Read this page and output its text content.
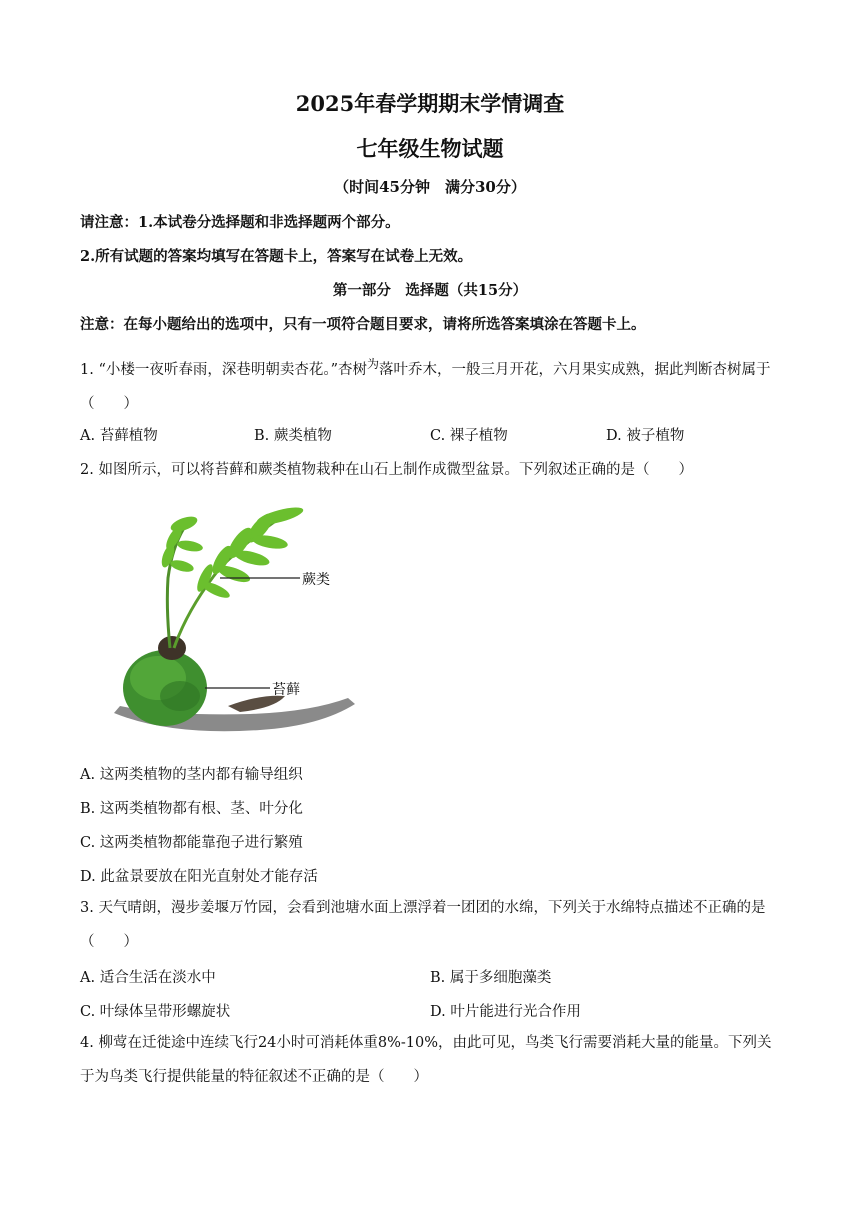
2025年春学期期末学情调查
七年级生物试题
（时间45分钟　满分30分）
请注意：1.本试卷分选择题和非选择题两个部分。
2.所有试题的答案均填写在答题卡上，答案写在试卷上无效。
第一部分　选择题（共15分）
注意：在每小题给出的选项中，只有一项符合题目要求，请将所选答案填涂在答题卡上。
1. “小楼一夜听春雨，深巷明朝卖杏花。”杏树$^为$落叶乔木，一般三月开花，六月果实成熟，据此判断杏树属于（　　）
A. 苔藓植物	B. 蕨类植物	C. 裸子植物	D. 被子植物
2. 如图所示，可以将苔藓和蕨类植物栽种在山石上制作成微型盆景。下列叙述正确的是（　　）
蕨类
苔藓
A. 这两类植物的茎内都有输导组织
B. 这两类植物都有根、茎、叶分化
C. 这两类植物都能靠孢子进行繁殖
D. 此盆景要放在阳光直射处才能存活
3. 天气晴朗，漫步姜堰万竹园，会看到池塘水面上漂浮着一团团的水绵，下列关于水绵特点描述不正确的是（　　）
A. 适合生活在淡水中	B. 属于多细胞藻类
C. 叶绿体呈带形螺旋状	D. 叶片能进行光合作用
4. 柳莺在迁徙途中连续飞行24小时可消耗体重8%-10%，由此可见，鸟类飞行需要消耗大量的能量。下列关于为鸟类飞行提供能量的特征叙述不正确的是（　　）
